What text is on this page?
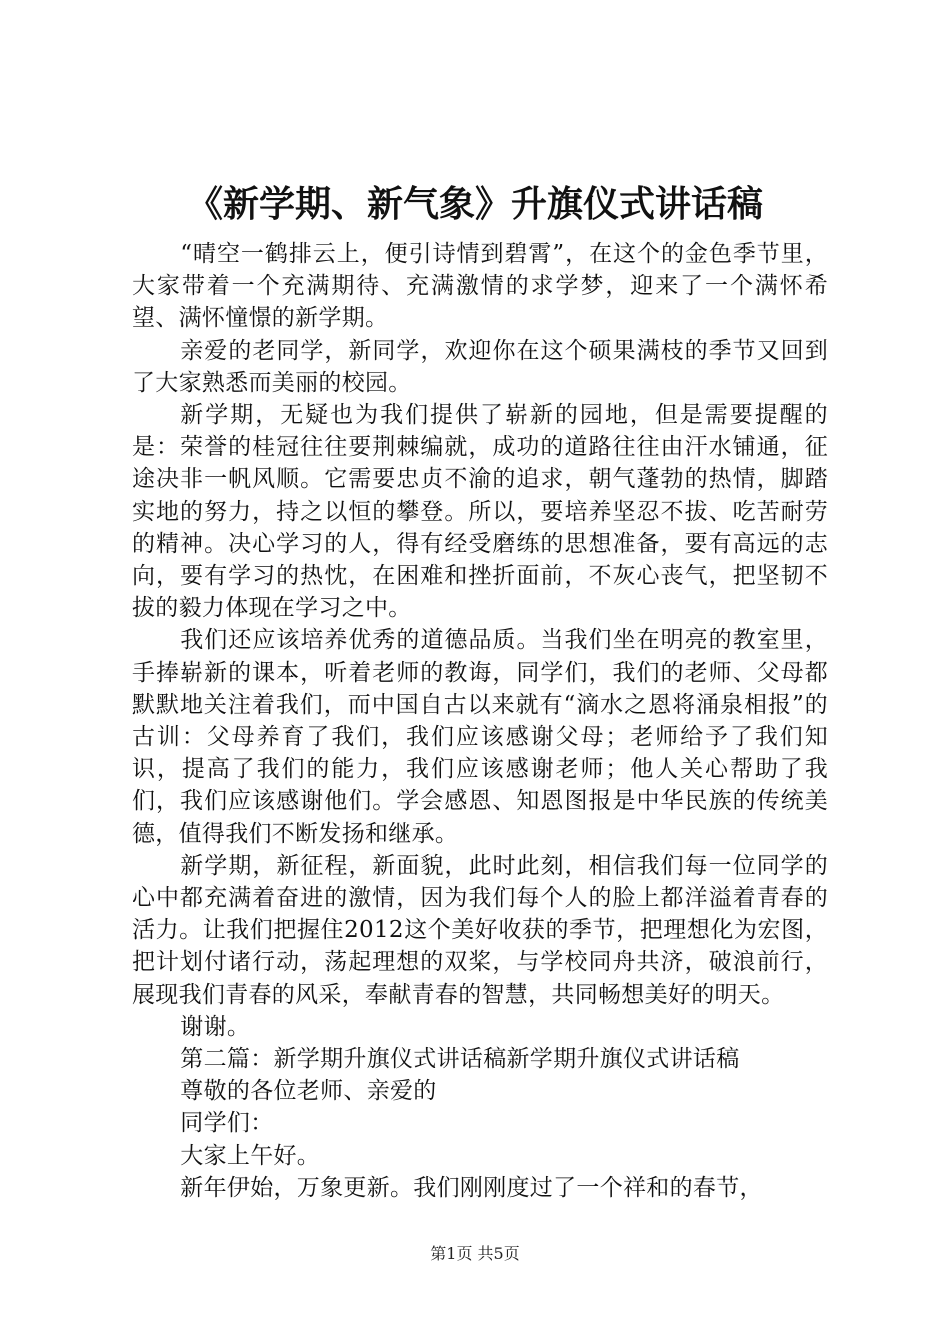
《新学期、新气象》升旗仪式讲话稿

“晴空一鹤排云上，便引诗情到碧霄”，在这个的金色季节里，大家带着一个充满期待、充满激情的求学梦，迎来了一个满怀希望、满怀憧憬的新学期。

亲爱的老同学，新同学，欢迎你在这个硕果满枝的季节又回到了大家熟悉而美丽的校园。

新学期，无疑也为我们提供了崭新的园地，但是需要提醒的是：荣誉的桂冠往往要荆棘编就，成功的道路往往由汗水铺通，征途决非一帆风顺。它需要忠贞不渝的追求，朝气蓬勃的热情，脚踏实地的努力，持之以恒的攀登。所以，要培养坚忍不拔、吃苦耐劳的精神。决心学习的人，得有经受磨练的思想准备，要有高远的志向，要有学习的热忱，在困难和挫折面前，不灰心丧气，把坚韧不拔的毅力体现在学习之中。

我们还应该培养优秀的道德品质。当我们坐在明亮的教室里，手捧崭新的课本，听着老师的教诲，同学们，我们的老师、父母都默默地关注着我们，而中国自古以来就有“滴水之恩将涌泉相报”的古训：父母养育了我们，我们应该感谢父母；老师给予了我们知识，提高了我们的能力，我们应该感谢老师；他人关心帮助了我们，我们应该感谢他们。学会感恩、知恩图报是中华民族的传统美德，值得我们不断发扬和继承。

新学期，新征程，新面貌，此时此刻，相信我们每一位同学的心中都充满着奋进的激情，因为我们每个人的脸上都洋溢着青春的活力。让我们把握住2012这个美好收获的季节，把理想化为宏图，把计划付诸行动，荡起理想的双桨，与学校同舟共济，破浪前行，展现我们青春的风采，奉献青春的智慧，共同畅想美好的明天。

谢谢。

第二篇：新学期升旗仪式讲话稿新学期升旗仪式讲话稿

尊敬的各位老师、亲爱的

同学们：

大家上午好。

新年伊始，万象更新。我们刚刚度过了一个祥和的春节，

第1页 共5页
